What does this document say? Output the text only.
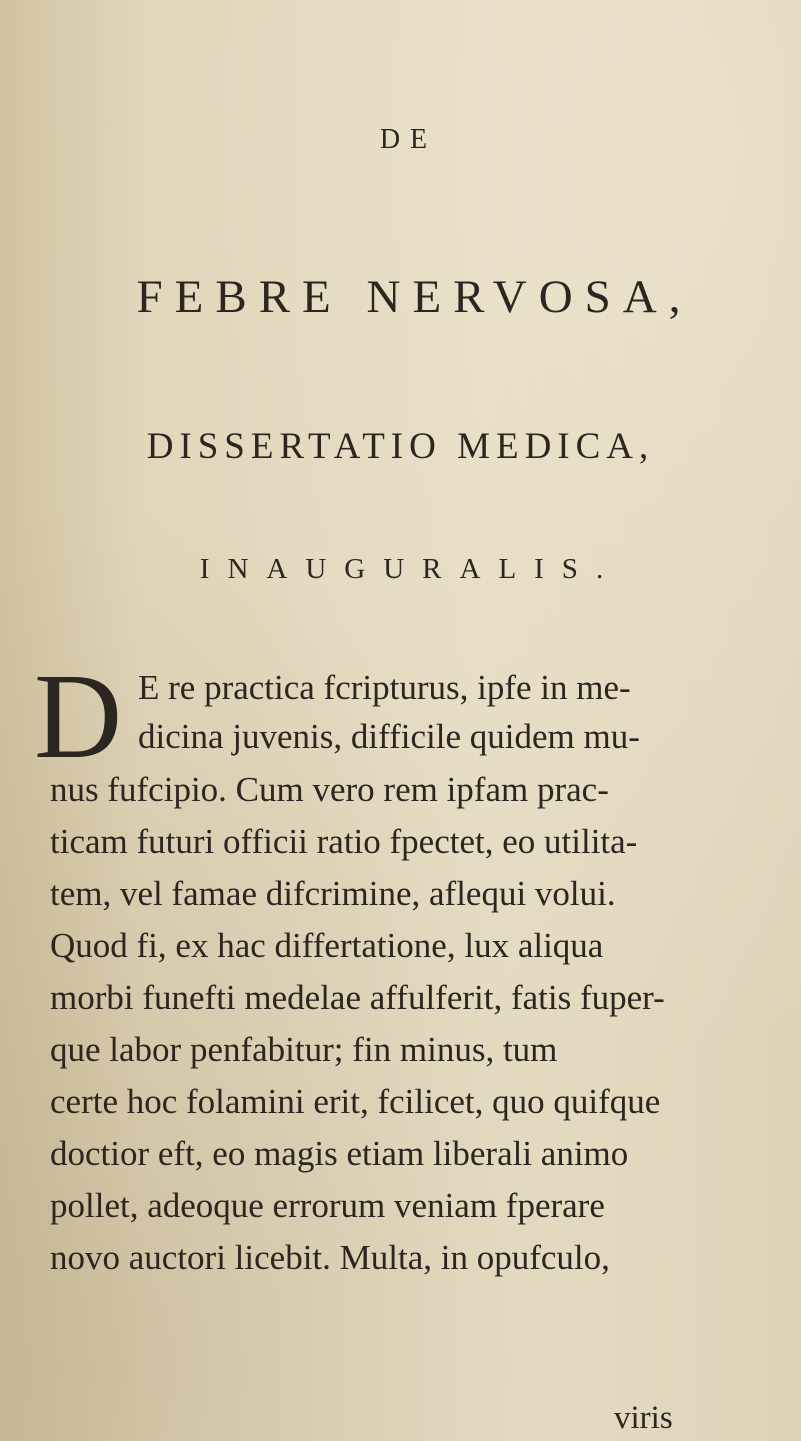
DE
FEBRE NERVOSA,
DISSERTATIO MEDICA,
INAUGURALIS.
D E re practica fcripturus, ipfe in me-
dicina juvenis, difficile quidem mu-
nus fufcipio. Cum vero rem ipfam prac-
ticam futuri officii ratio fpectet, eo utilita-
tem, vel famae difcrimine, aflequi volui.
Quod fi, ex hac differtatione, lux aliqua
morbi funefti medelae affulferit, fatis fuper-
que labor penfabitur; fin minus, tum
certe hoc folamini erit, fcilicet, quo quifque
doctior eft, eo magis etiam liberali animo
pollet, adeoque errorum veniam fperare
novo auctori licebit. Multa, in opufculo,
viris
